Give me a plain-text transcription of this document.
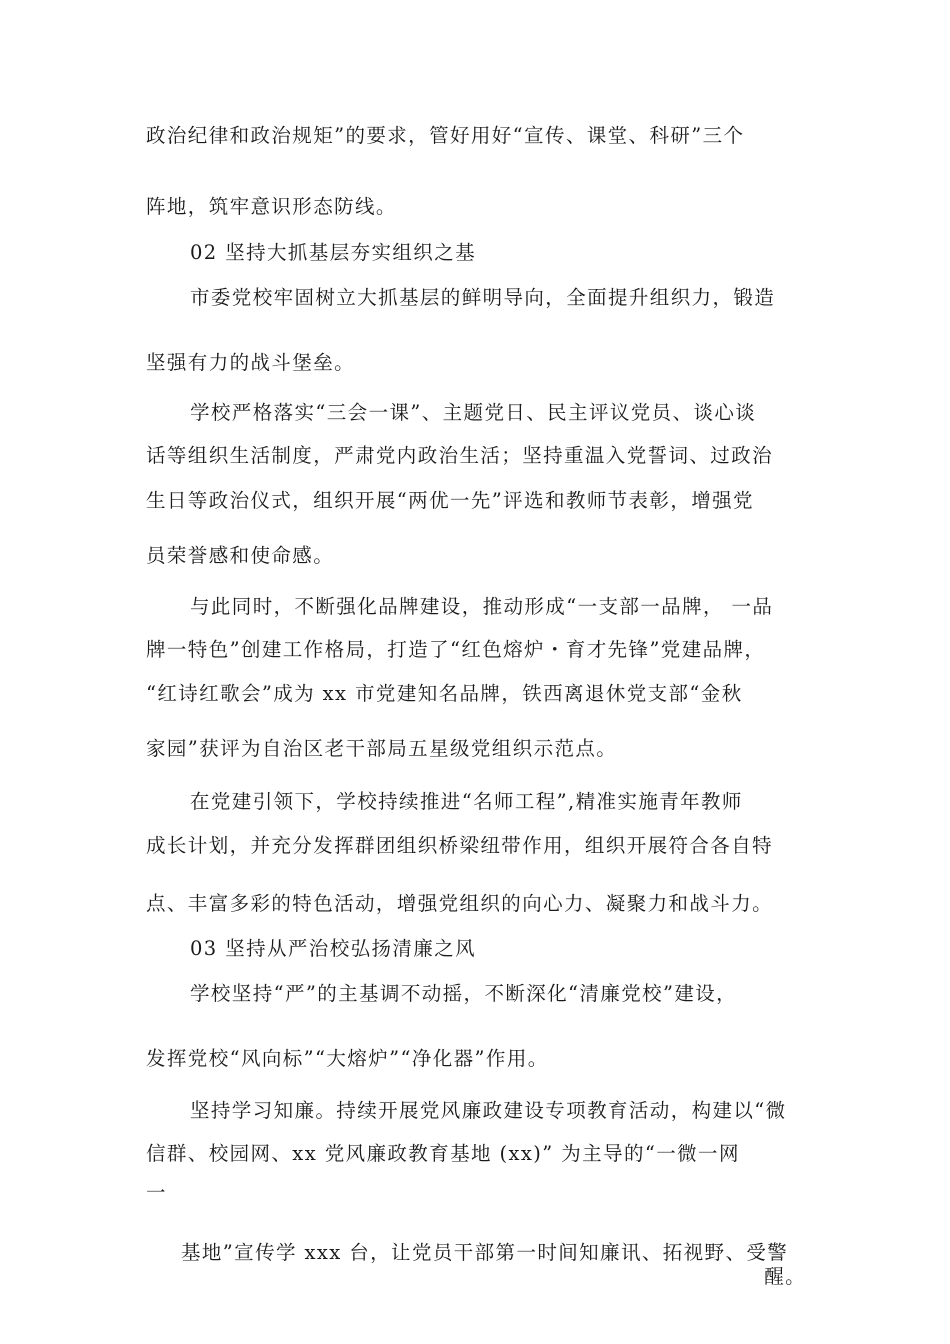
政治纪律和政治规矩”的要求，管好用好“宣传、课堂、科研”三个
阵地，筑牢意识形态防线。
02 坚持大抓基层夯实组织之基
市委党校牢固树立大抓基层的鲜明导向，全面提升组织力，锻造
坚强有力的战斗堡垒。
学校严格落实“三会一课”、主题党日、民主评议党员、谈心谈
话等组织生活制度，严肃党内政治生活；坚持重温入党誓词、过政治
生日等政治仪式，组织开展“两优一先”评选和教师节表彰，增强党
员荣誉感和使命感。
与此同时，不断强化品牌建设，推动形成“一支部一品牌， 一品
牌一特色”创建工作格局，打造了“红色熔炉・育才先锋”党建品牌，
“红诗红歌会”成为 xx 市党建知名品牌，铁西离退休党支部“金秋
家园”获评为自治区老干部局五星级党组织示范点。
在党建引领下，学校持续推进“名师工程”,精准实施青年教师
成长计划，并充分发挥群团组织桥梁纽带作用，组织开展符合各自特
点、丰富多彩的特色活动，增强党组织的向心力、凝聚力和战斗力。
03 坚持从严治校弘扬清廉之风
学校坚持“严”的主基调不动摇，不断深化“清廉党校”建设，
发挥党校“风向标”“大熔炉”“净化器”作用。
坚持学习知廉。持续开展党风廉政建设专项教育活动，构建以“微
信群、校园网、xx 党风廉政教育基地 (xx)” 为主导的“一微一网
一
基地”宣传学 xxx 台，让党员干部第一时间知廉讯、拓视野、受警
醒。
